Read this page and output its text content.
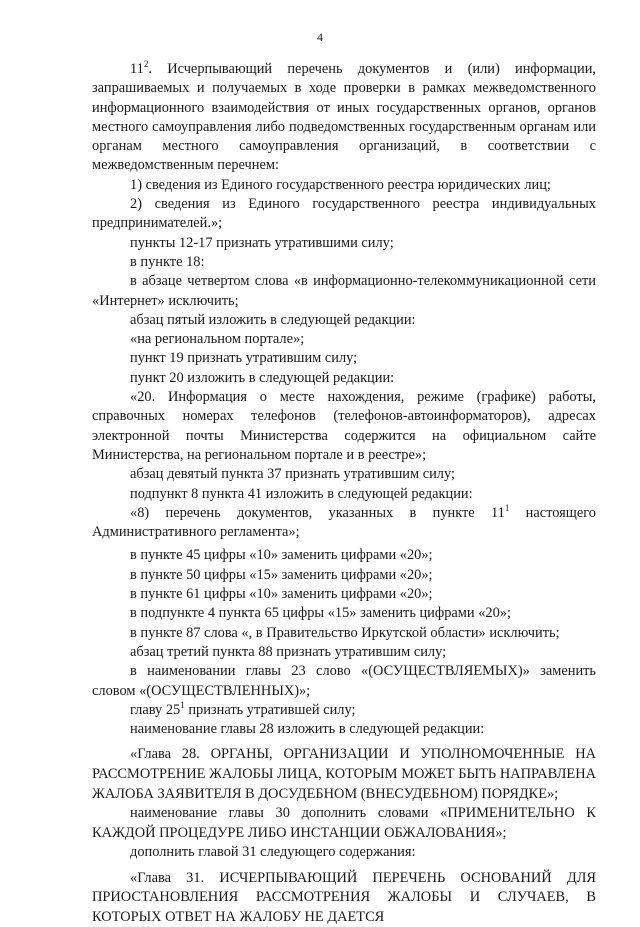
4

$11^2$. Исчерпывающий перечень документов и (или) информации, запрашиваемых и получаемых в ходе проверки в рамках межведомственного информационного взаимодействия от иных государственных органов, органов местного самоуправления либо подведомственных государственным органам или органам местного самоуправления организаций, в соответствии с межведомственным перечнем:

1) сведения из Единого государственного реестра юридических лиц;

2) сведения из Единого государственного реестра индивидуальных предпринимателей.»;

пункты 12-17 признать утратившими силу;

в пункте 18:

в абзаце четвертом слова «в информационно-телекоммуникационной сети «Интернет» исключить;

абзац пятый изложить в следующей редакции:

«на региональном портале»;

пункт 19 признать утратившим силу;

пункт 20 изложить в следующей редакции:

«20. Информация о месте нахождения, режиме (графике) работы, справочных номерах телефонов (телефонов-автоинформаторов), адресах электронной почты Министерства содержится на официальном сайте Министерства, на региональном портале и в реестре»;

абзац девятый пункта 37 признать утратившим силу;

подпункт 8 пункта 41 изложить в следующей редакции:

«8) перечень документов, указанных в пункте $11^1$ настоящего Административного регламента»;

в пункте 45 цифры «10» заменить цифрами «20»;

в пункте 50 цифры «15» заменить цифрами «20»;

в пункте 61 цифры «10» заменить цифрами «20»;

в подпункте 4 пункта 65 цифры «15» заменить цифрами «20»;

в пункте 87 слова «, в Правительство Иркутской области» исключить;

абзац третий пункта 88 признать утратившим силу;

в наименовании главы 23 слово «(ОСУЩЕСТВЛЯЕМЫХ)» заменить словом «(ОСУЩЕСТВЛЕННЫХ)»;

главу $25^1$ признать утратившей силу;

наименование главы 28 изложить в следующей редакции:

«Глава 28. ОРГАНЫ, ОРГАНИЗАЦИИ И УПОЛНОМОЧЕННЫЕ НА РАССМОТРЕНИЕ ЖАЛОБЫ ЛИЦА, КОТОРЫМ МОЖЕТ БЫТЬ НАПРАВЛЕНА ЖАЛОБА ЗАЯВИТЕЛЯ В ДОСУДЕБНОМ (ВНЕСУДЕБНОМ) ПОРЯДКЕ»;

наименование главы 30 дополнить словами «ПРИМЕНИТЕЛЬНО К КАЖДОЙ ПРОЦЕДУРЕ ЛИБО ИНСТАНЦИИ ОБЖАЛОВАНИЯ»;

дополнить главой 31 следующего содержания:

«Глава 31. ИСЧЕРПЫВАЮЩИЙ ПЕРЕЧЕНЬ ОСНОВАНИЙ ДЛЯ ПРИОСТАНОВЛЕНИЯ РАССМОТРЕНИЯ ЖАЛОБЫ И СЛУЧАЕВ, В КОТОРЫХ ОТВЕТ НА ЖАЛОБУ НЕ ДАЕТСЯ
